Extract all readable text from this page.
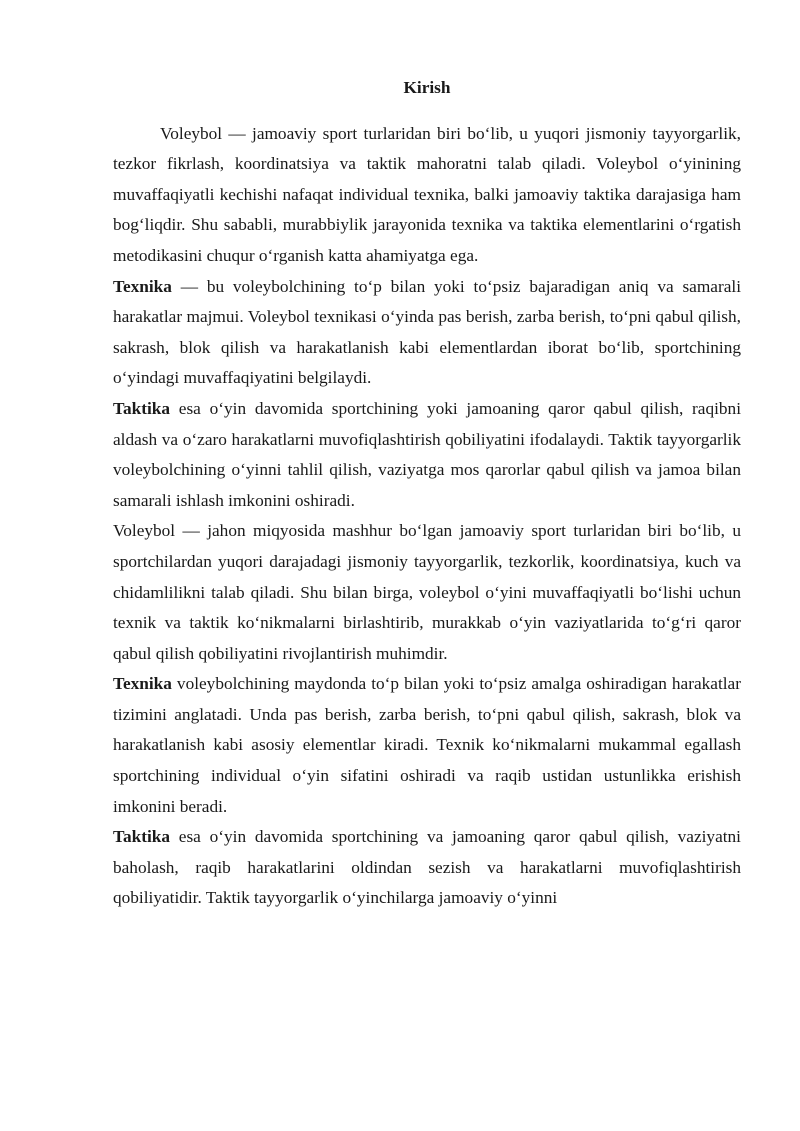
Kirish

Voleybol — jamoaviy sport turlaridan biri bo‘lib, u yuqori jismoniy tayyorgarlik, tezkor fikrlash, koordinatsiya va taktik mahoratni talab qiladi. Voleybol o‘yinining muvaffaqiyatli kechishi nafaqat individual texnika, balki jamoaviy taktika darajasiga ham bog‘liqdir. Shu sababli, murabbiylik jarayonida texnika va taktika elementlarini o‘rgatish metodikasini chuqur o‘rganish katta ahamiyatga ega.

Texnika — bu voleybolchining to‘p bilan yoki to‘psiz bajaradigan aniq va samarali harakatlar majmui. Voleybol texnikasi o‘yinda pas berish, zarba berish, to‘pni qabul qilish, sakrash, blok qilish va harakatlanish kabi elementlardan iborat bo‘lib, sportchining o‘yindagi muvaffaqiyatini belgilaydi.

Taktika esa o‘yin davomida sportchining yoki jamoaning qaror qabul qilish, raqibni aldash va o‘zaro harakatlarni muvofiqlashtirish qobiliyatini ifodalaydi. Taktik tayyorgarlik voleybolchining o‘yinni tahlil qilish, vaziyatga mos qarorlar qabul qilish va jamoa bilan samarali ishlash imkonini oshiradi.

Voleybol — jahon miqyosida mashhur bo‘lgan jamoaviy sport turlaridan biri bo‘lib, u sportchilardan yuqori darajadagi jismoniy tayyorgarlik, tezkorlik, koordinatsiya, kuch va chidamlilikni talab qiladi. Shu bilan birga, voleybol o‘yini muvaffaqiyatli bo‘lishi uchun texnik va taktik ko‘nikmalarni birlashtirib, murakkab o‘yin vaziyatlarida to‘g‘ri qaror qabul qilish qobiliyatini rivojlantirish muhimdir.

Texnika voleybolchining maydonda to‘p bilan yoki to‘psiz amalga oshiradigan harakatlar tizimini anglatadi. Unda pas berish, zarba berish, to‘pni qabul qilish, sakrash, blok va harakatlanish kabi asosiy elementlar kiradi. Texnik ko‘nikmalarni mukammal egallash sportchining individual o‘yin sifatini oshiradi va raqib ustidan ustunlikka erishish imkonini beradi.

Taktika esa o‘yin davomida sportchining va jamoaning qaror qabul qilish, vaziyatni baholash, raqib harakatlarini oldindan sezish va harakatlarni muvofiqlashtirish qobiliyatidir. Taktik tayyorgarlik o‘yinchilarga jamoaviy o‘yinni
